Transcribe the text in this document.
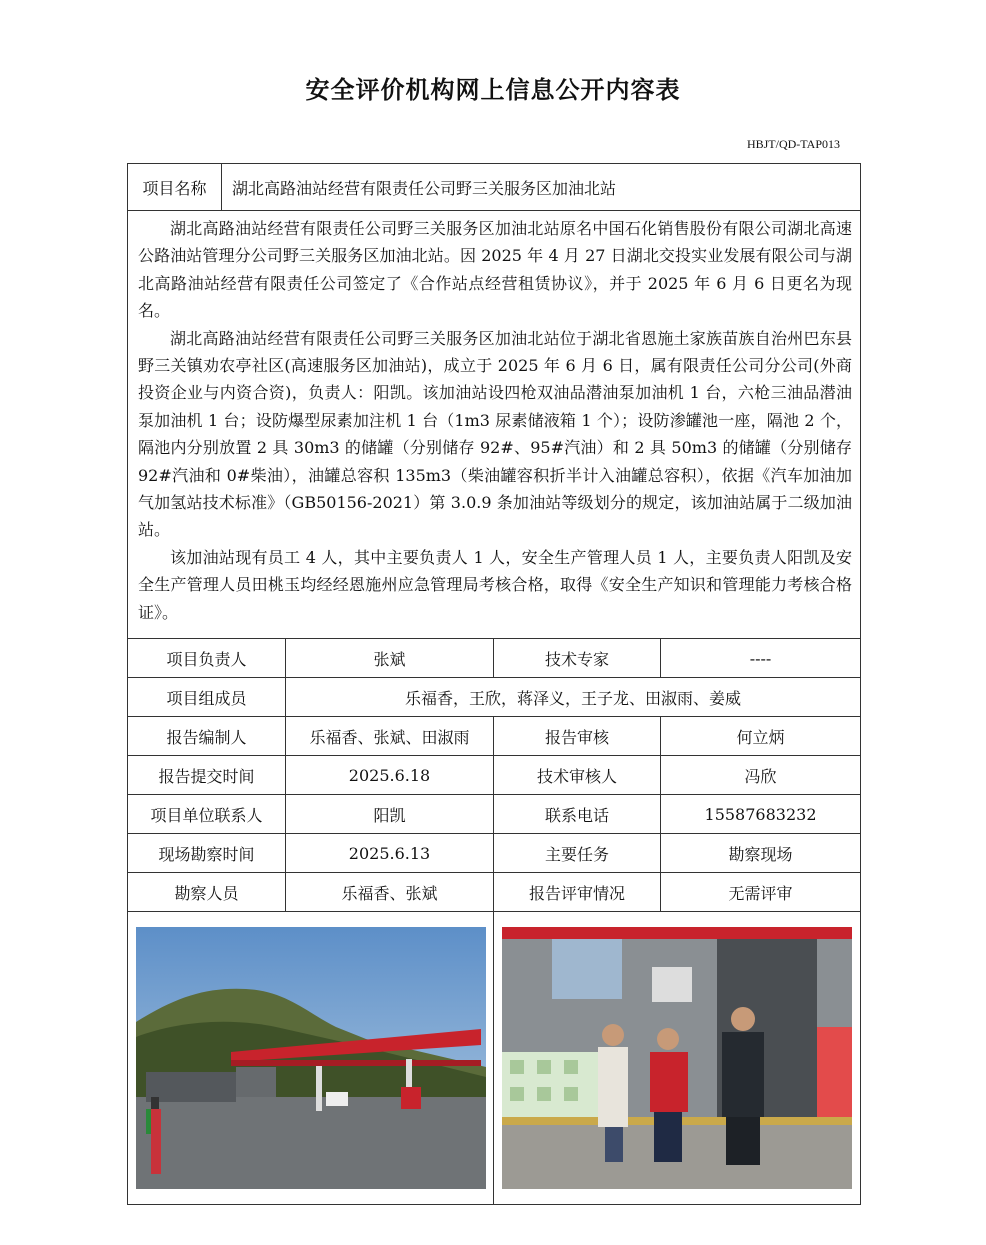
安全评价机构网上信息公开内容表
HBJT/QD-TAP013
项目名称	湖北高路油站经营有限责任公司野三关服务区加油北站			

湖北高路油站经营有限责任公司野三关服务区加油北站原名中国石化销售股份有限公司湖北高速公路油站管理分公司野三关服务区加油北站。因 2025 年 4 月 27 日湖北交投实业发展有限公司与湖北高路油站经营有限责任公司签定了《合作站点经营租赁协议》，并于 2025 年 6 月 6 日更名为现名。

湖北高路油站经营有限责任公司野三关服务区加油北站位于湖北省恩施土家族苗族自治州巴东县野三关镇劝农亭社区(高速服务区加油站)，成立于 2025 年 6 月 6 日，属有限责任公司分公司(外商投资企业与内资合资)，负责人：阳凯。该加油站设四枪双油品潜油泵加油机 1 台，六枪三油品潜油泵加油机 1 台；设防爆型尿素加注机 1 台（1m3 尿素储液箱 1 个）；设防渗罐池一座，隔池 2 个，隔池内分别放置 2 具 30m3 的储罐（分别储存 92#、95#汽油）和 2 具 50m3 的储罐（分别储存 92#汽油和 0#柴油），油罐总容积 135m3（柴油罐容积折半计入油罐总容积），依据《汽车加油加气加氢站技术标准》（GB50156-2021）第 3.0.9 条加油站等级划分的规定，该加油站属于二级加油站。

该加油站现有员工 4 人，其中主要负责人 1 人，安全生产管理人员 1 人，主要负责人阳凯及安全生产管理人员田桃玉均经经恩施州应急管理局考核合格，取得《安全生产知识和管理能力考核合格证》。				

项目负责人		张斌	技术专家	----
项目组成员		乐福香，王欣，蒋泽义，王子龙、田淑雨、姜威		
报告编制人		乐福香、张斌、田淑雨	报告审核	何立炳
报告提交时间		2025.6.18	技术审核人	冯欣
项目单位联系人		阳凯	联系电话	15587683232
现场勘察时间		2025.6.13	主要任务	勘察现场
勘察人员		乐福香、张斌	报告评审情况	无需评审
